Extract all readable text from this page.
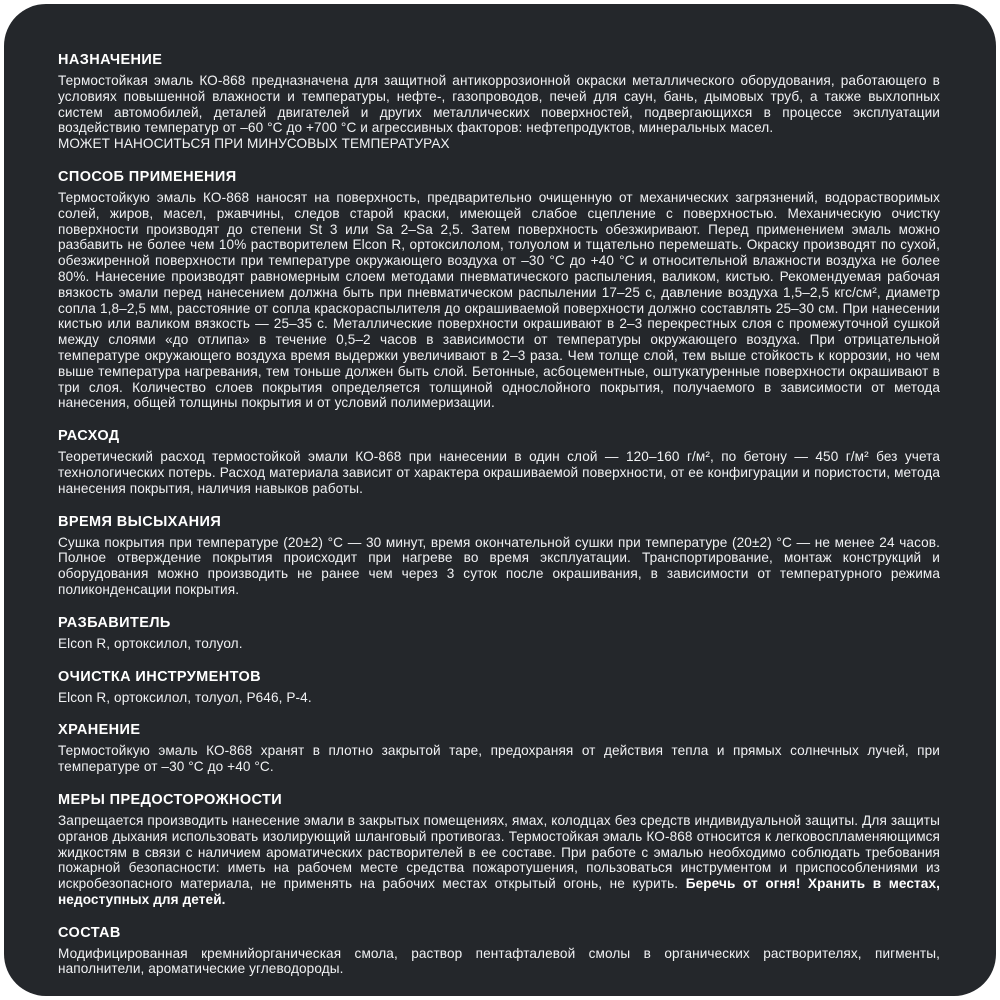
НАЗНАЧЕНИЕ

Термостойкая эмаль КО-868 предназначена для защитной антикоррозионной окраски металлического оборудования, работающего в условиях повышенной влажности и температуры, нефте-, газопроводов, печей для саун, бань, дымовых труб, а также выхлопных систем автомобилей, деталей двигателей и других металлических поверхностей, подвергающихся в процессе эксплуатации воздействию температур от –60 °С до +700 °С и агрессивных факторов: нефтепродуктов, минеральных масел.

МОЖЕТ НАНОСИТЬСЯ ПРИ МИНУСОВЫХ ТЕМПЕРАТУРАХ

СПОСОБ ПРИМЕНЕНИЯ

Термостойкую эмаль КО-868 наносят на поверхность, предварительно очищенную от механических загрязнений, водорастворимых солей, жиров, масел, ржавчины, следов старой краски, имеющей слабое сцепление с поверхностью. Механическую очистку поверхности производят до степени St 3 или Sa 2–Sa 2,5. Затем поверхность обезжиривают. Перед применением эмаль можно разбавить не более чем 10% растворителем Elcon R, ортоксилолом, толуолом и тщательно перемешать. Окраску производят по сухой, обезжиренной поверхности при температуре окружающего воздуха от –30 °С до +40 °С и относительной влажности воздуха не более 80%. Нанесение производят равномерным слоем методами пневматического распыления, валиком, кистью. Рекомендуемая рабочая вязкость эмали перед нанесением должна быть при пневматическом распылении 17–25 с, давление воздуха 1,5–2,5 кгс/см², диаметр сопла 1,8–2,5 мм, расстояние от сопла краскораспылителя до окрашиваемой поверхности должно составлять 25–30 см. При нанесении кистью или валиком вязкость — 25–35 с. Металлические поверхности окрашивают в 2–3 перекрестных слоя с промежуточной сушкой между слоями «до отлипа» в течение 0,5–2 часов в зависимости от температуры окружающего воздуха. При отрицательной температуре окружающего воздуха время выдержки увеличивают в 2–3 раза. Чем толще слой, тем выше стойкость к коррозии, но чем выше температура нагревания, тем тоньше должен быть слой. Бетонные, асбоцементные, оштукатуренные поверхности окрашивают в три слоя. Количество слоев покрытия определяется толщиной однослойного покрытия, получаемого в зависимости от метода нанесения, общей толщины покрытия и от условий полимеризации.

РАСХОД

Теоретический расход термостойкой эмали КО-868 при нанесении в один слой — 120–160 г/м², по бетону — 450 г/м² без учета технологических потерь. Расход материала зависит от характера окрашиваемой поверхности, от ее конфигурации и пористости, метода нанесения покрытия, наличия навыков работы.

ВРЕМЯ ВЫСЫХАНИЯ

Сушка покрытия при температуре (20±2) °С — 30 минут, время окончательной сушки при температуре (20±2) °С — не менее 24 часов. Полное отверждение покрытия происходит при нагреве во время эксплуатации. Транспортирование, монтаж конструкций и оборудования можно производить не ранее чем через 3 суток после окрашивания, в зависимости от температурного режима поликонденсации покрытия.

РАЗБАВИТЕЛЬ

Elcon R, ортоксилол, толуол.

ОЧИСТКА ИНСТРУМЕНТОВ

Elcon R, ортоксилол, толуол, Р646, Р-4.

ХРАНЕНИЕ

Термостойкую эмаль КО-868 хранят в плотно закрытой таре, предохраняя от действия тепла и прямых солнечных лучей, при температуре от –30 °С до +40 °С.

МЕРЫ ПРЕДОСТОРОЖНОСТИ

Запрещается производить нанесение эмали в закрытых помещениях, ямах, колодцах без средств индивидуальной защиты. Для защиты органов дыхания использовать изолирующий шланговый противогаз. Термостойкая эмаль КО-868 относится к легковоспламеняющимся жидкостям в связи с наличием ароматических растворителей в ее составе. При работе с эмалью необходимо соблюдать требования пожарной безопасности: иметь на рабочем месте средства пожаротушения, пользоваться инструментом и приспособлениями из искробезопасного материала, не применять на рабочих местах открытый огонь, не курить. Беречь от огня! Хранить в местах, недоступных для детей.

СОСТАВ

Модифицированная кремнийорганическая смола, раствор пентафталевой смолы в органических растворителях, пигменты, наполнители, ароматические углеводороды.
